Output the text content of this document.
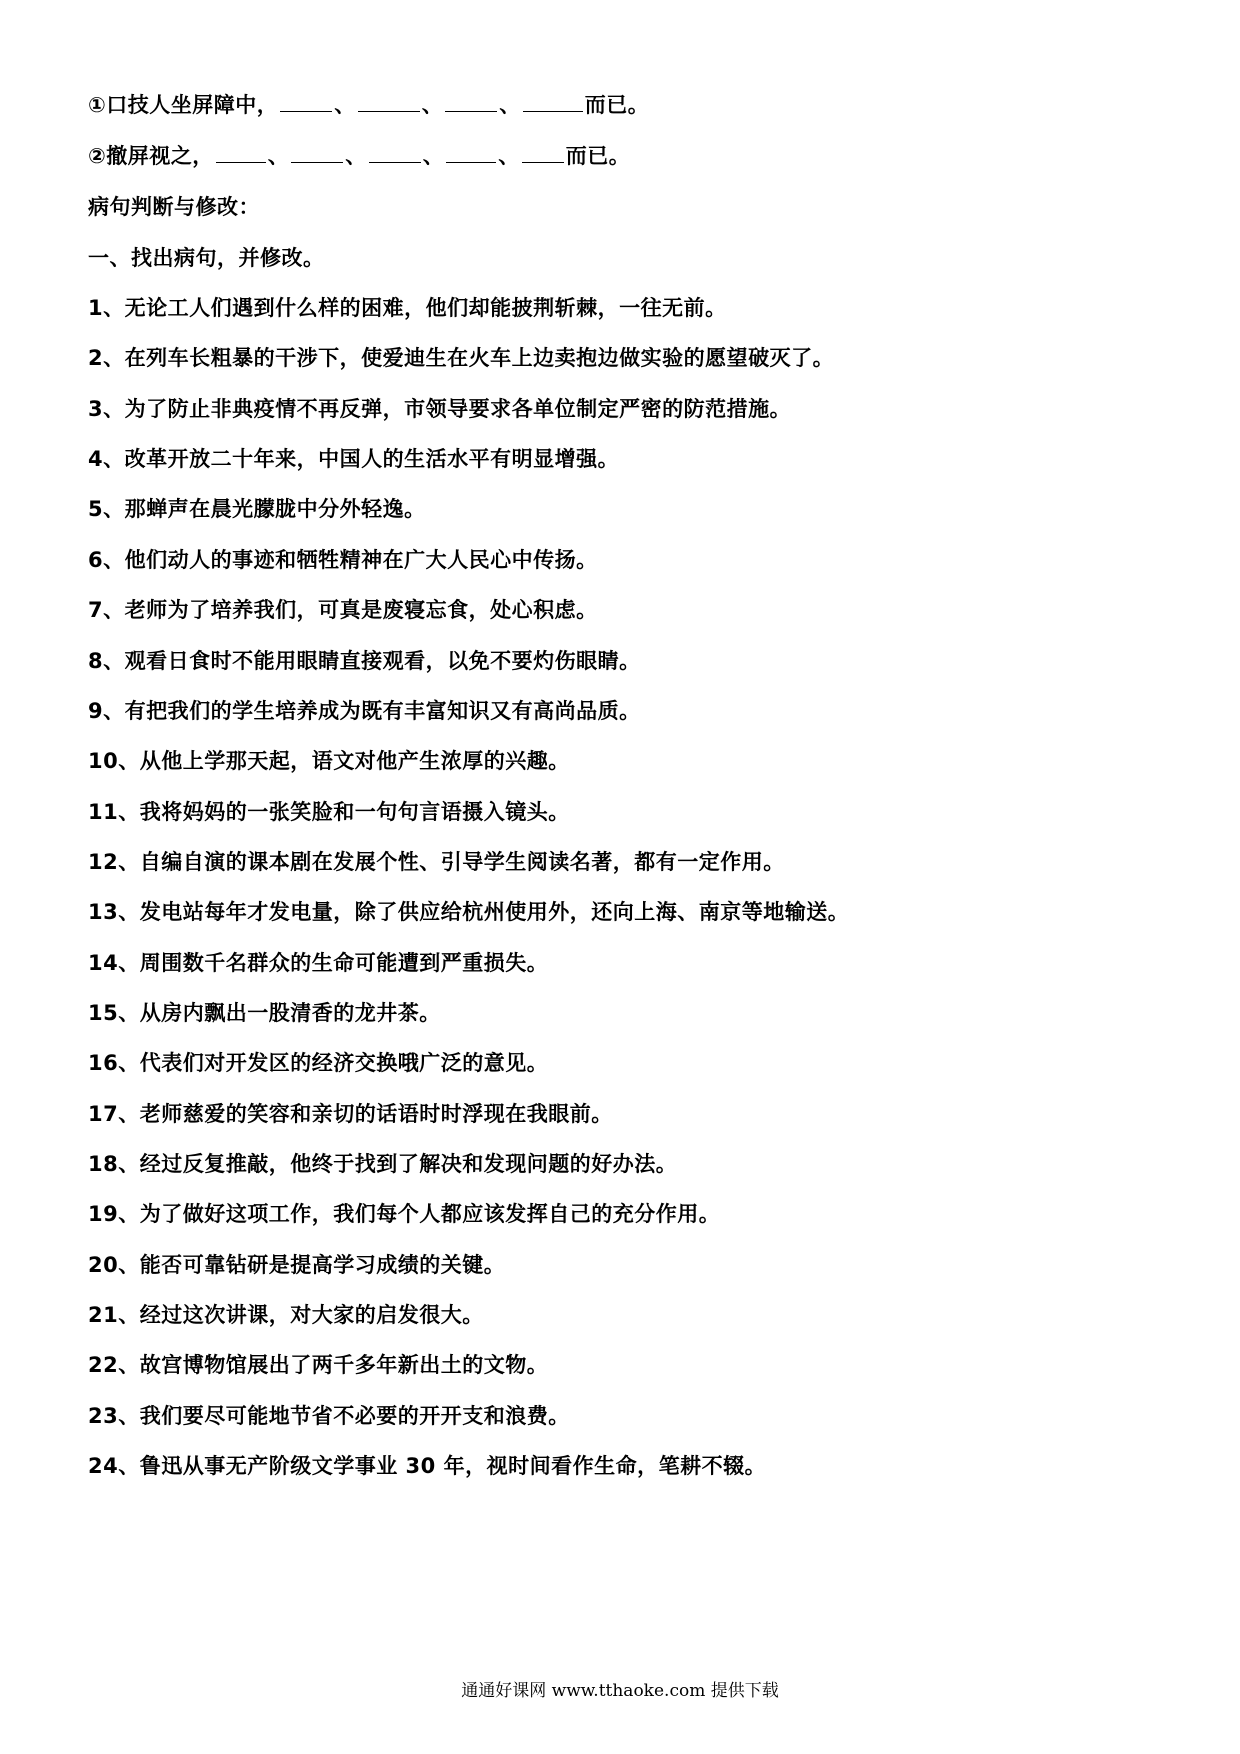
①口技人坐屏障中，	、	、	、	而已。
②撤屏视之，	、	、	、	、 而已。
病句判断与修改：
一、找出病句，并修改。
1、无论工人们遇到什么样的困难，他们却能披荆斩棘，一往无前。
2、在列车长粗暴的干涉下，使爱迪生在火车上边卖抱边做实验的愿望破灭了。
3、为了防止非典疫情不再反弹，市领导要求各单位制定严密的防范措施。
4、改革开放二十年来，中国人的生活水平有明显增强。
5、那蝉声在晨光朦胧中分外轻逸。
6、他们动人的事迹和牺牲精神在广大人民心中传扬。
7、老师为了培养我们，可真是废寝忘食，处心积虑。
8、观看日食时不能用眼睛直接观看，以免不要灼伤眼睛。
9、有把我们的学生培养成为既有丰富知识又有高尚品质。
10、从他上学那天起，语文对他产生浓厚的兴趣。
11、我将妈妈的一张笑脸和一句句言语摄入镜头。
12、自编自演的课本剧在发展个性、引导学生阅读名著，都有一定作用。
13、发电站每年才发电量，除了供应给杭州使用外，还向上海、南京等地输送。
14、周围数千名群众的生命可能遭到严重损失。
15、从房内飘出一股清香的龙井茶。
16、代表们对开发区的经济交换哦广泛的意见。
17、老师慈爱的笑容和亲切的话语时时浮现在我眼前。
18、经过反复推敲，他终于找到了解决和发现问题的好办法。
19、为了做好这项工作，我们每个人都应该发挥自己的充分作用。
20、能否可靠钻研是提高学习成绩的关键。
21、经过这次讲课，对大家的启发很大。
22、故宫博物馆展出了两千多年新出土的文物。
23、我们要尽可能地节省不必要的开开支和浪费。
24、鲁迅从事无产阶级文学事业 30 年，视时间看作生命，笔耕不辍。
通通好课网 www.tthaoke.com 提供下载
